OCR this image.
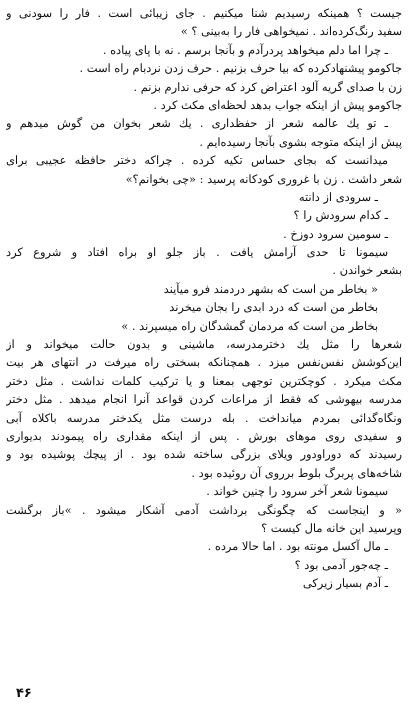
جیست ؟ همینکه رسیدیم شنا میکنیم . جای زیبائی است . فار را سودنی و
سفید رنگ‌کرده‌اند . نمیخواهی فار را به‌بینی ؟ »
ـ چرا اما دلم میخواهد پردرآدم و بآنجا برسم . نه با پای پیاده .
جاکومو پیشنهادکرده که بیا حرف بزنیم . حرف زدن نردبام راه است .
زن با صدای گریه آلود اعتراض کرد که حرفی ندارم بزنم .
جاکومو پیش از اینکه جواب بدهد لحظه‌ای مکث کرد .
ـ تو یك عالمه شعر از حفظداری . یك شعر بخوان من گوش میدهم و
پیش از اینکه متوجه بشوی بآنجا رسیده‌ایم .
میدانست که بجای حساس تکیه کرده . چراکه دختر حافظه عجیبی برای
شعر داشت . زن با غروری کودکانه پرسید : «چی بخوانم؟»
ـ سرودی از دانته
ـ کدام سرودش را ؟
ـ سومین سرود دوزخ .
سیمونا تا حدی آرامش یافت . باز جلو او براه افتاد و شروع کرد
بشعر خواندن .
« بخاطر من است که بشهر دردمند فرو میآیند
بخاطر من است که درد ابدی را بجان میخرند
بخاطر من است که مردمان گمشدگان راه میسپرند . »
شعرها را مثل یك دخترمدرسه، ماشینی و بدون حالت میخواند و از
این‌کوشش نفس‌نفس میزد . همچنانکه بسختی راه میرفت در انتهای هر بیت
مکث میکرد . کوچکترین توجهی بمعنا و یا ترکیب کلمات نداشت . مثل دختر
مدرسه بیهوشی که فقط از مراعات کردن قواعد آنرا انجام میدهد . مثل دختر
ونگاه‌گدائی بمردم میانداخت . بله درست مثل یکدختر مدرسه باکلاه آبی
و سفیدی روی موهای بورش . پس از اینکه مقداری راه پیمودند بدیواری
رسیدند که دوراودور ویلای بزرگی ساخته شده بود . از پیچك پوشیده بود و
شاخه‌های پربرگ بلوط برروی آن روئیده بود .
سیمونا شعر آخر سرود را چنین خواند .
« و اینجاست که چگونگی برداشت آدمی آشکار میشود . »باز برگشت
وپرسید این خانه مال کیست ؟
ـ مال آکسل مونته بود . اما حالا مرده .
ـ چه‌جور آدمی بود ؟
ـ آدم بسیار زیرکی
۴۶
